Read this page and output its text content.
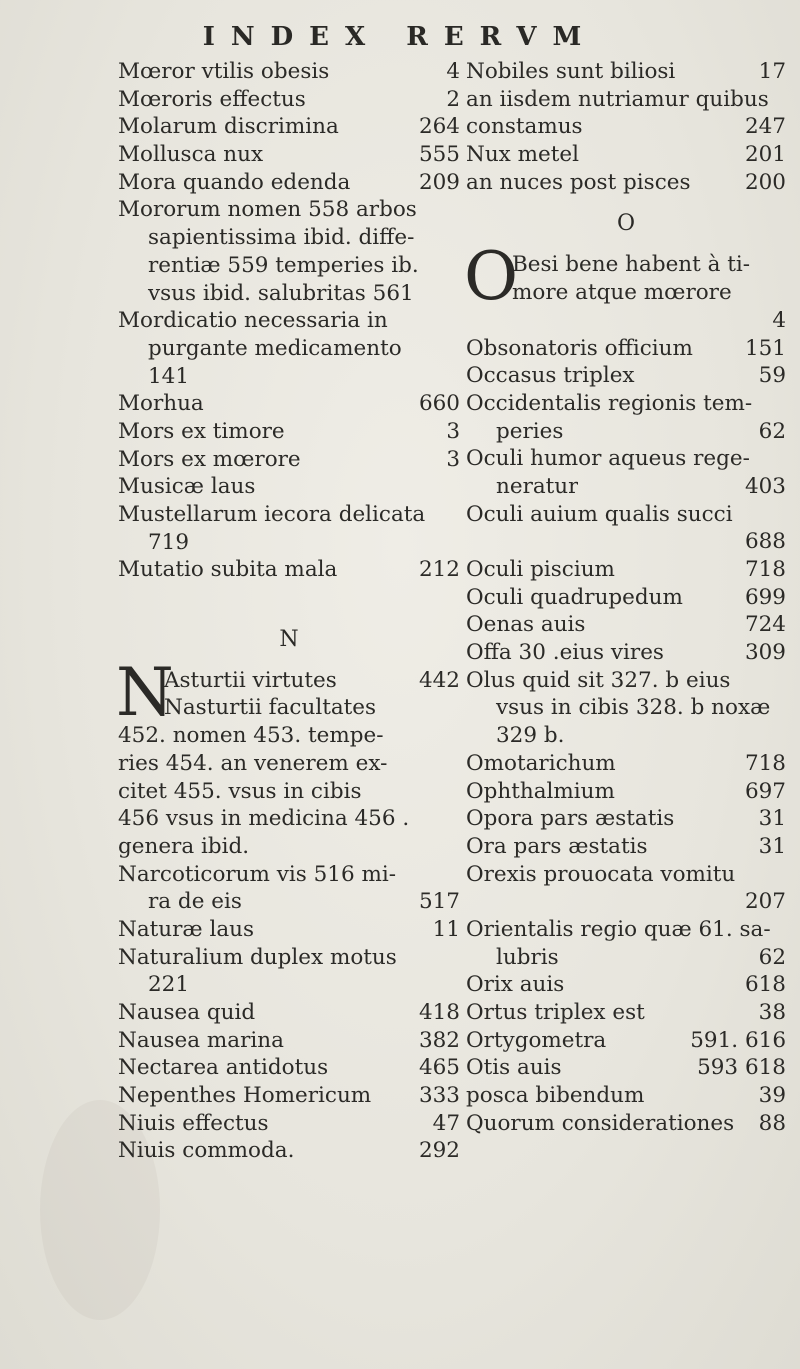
INDEX RERVM
Mœror vtilis obesis	4
Mœroris effectus	2
Molarum discrimina	264
Mollusca nux	555
Mora quando edenda	209
Mororum nomen 558 arbos
sapientissima ibid. diffe-
rentiæ 559 temperies ib.
vsus ibid. salubritas 561
Mordicatio necessaria in
purgante medicamento
141
Morhua	660
Mors ex timore	3
Mors ex mœrore	3
Musicæ laus
Mustellarum iecora delicata
719
Mutatio subita mala	212
N
N
Asturtii virtutes	442
Nasturtii facultates
452. nomen 453. tempe-
ries 454. an venerem ex-
citet 455. vsus in cibis
456 vsus in medicina 456 .
genera ibid.
Narcoticorum vis 516 mi-
ra de eis	517
Naturæ laus	11
Naturalium duplex motus
221
Nausea quid	418
Nausea marina	382
Nectarea antidotus	465
Nepenthes Homericum 333
Niuis effectus	47
Niuis commoda.	292
Nobiles sunt biliosi	17
an iisdem nutriamur quibus
constamus	247
Nux metel	201
an nuces post pisces	200
O
O
Besi bene habent à ti-
more atque mœrore
4
Obsonatoris officium 151
Occasus triplex	59
Occidentalis regionis tem-
peries	62
Oculi humor aqueus rege-
neratur	403
Oculi auium qualis succi
688
Oculi piscium	718
Oculi quadrupedum	699
Oenas auis	724
Offa 30 .eius vires	309
Olus quid sit 327. b eius
vsus in cibis 328. b noxæ
329 b.
Omotarichum	718
Ophthalmium	697
Opora pars æstatis	31
Ora pars æstatis	31
Orexis prouocata vomitu
207
Orientalis regio quæ 61. sa-
lubris	62
Orix auis	618
Ortus triplex est	38
Ortygometra	591. 616
Otis auis	593 618
posca bibendum	39
Quorum considerationes 88
